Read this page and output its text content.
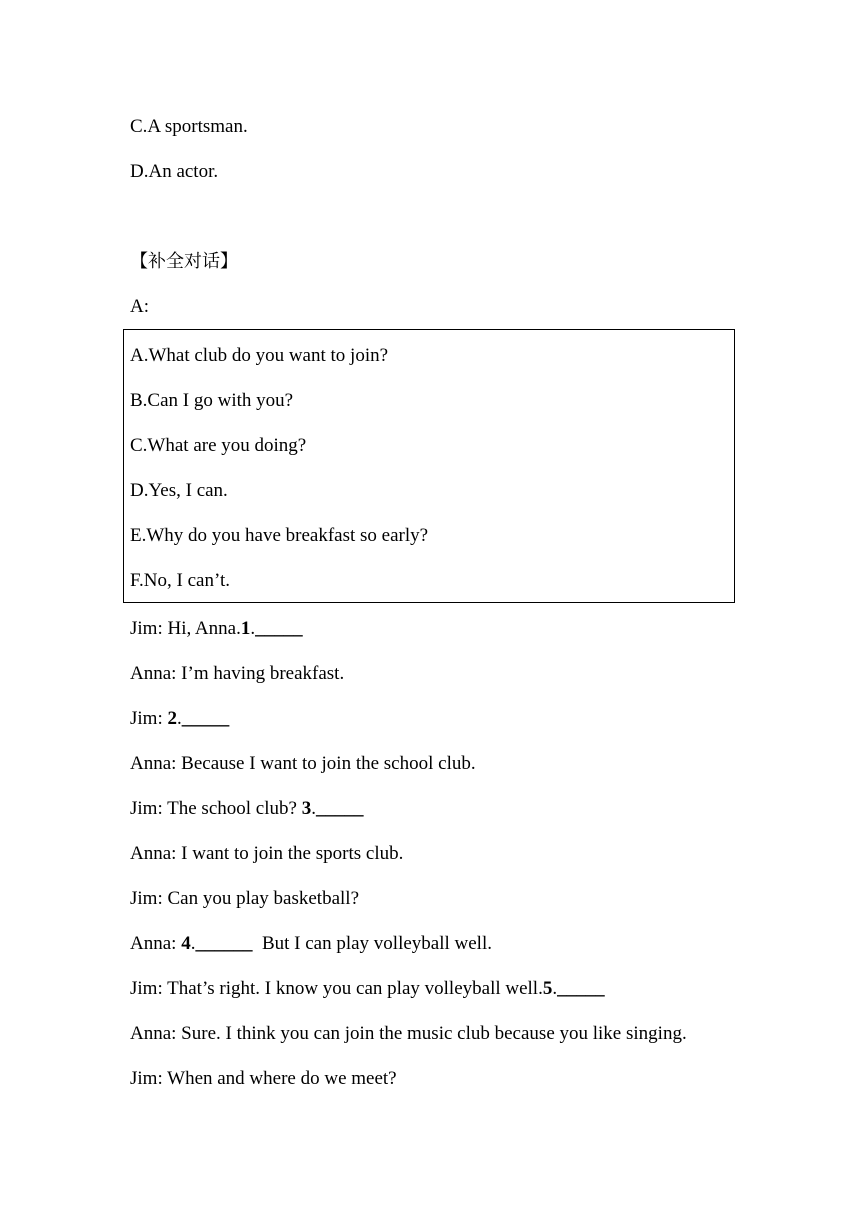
C.A sportsman.
D.An actor.
【补全对话】
A:
A.What club do you want to join?
B.Can I go with you?
C.What are you doing?
D.Yes, I can.
E.Why do you have breakfast so early?
F.No, I can’t.
Jim: Hi, Anna.1._____
Anna: I’m having breakfast.
Jim: 2._____
Anna: Because I want to join the school club.
Jim: The school club? 3._____
Anna: I want to join the sports club.
Jim: Can you play basketball?
Anna: 4.______  But I can play volleyball well.
Jim: That’s right. I know you can play volleyball well.5._____
Anna: Sure. I think you can join the music club because you like singing.
Jim: When and where do we meet?
